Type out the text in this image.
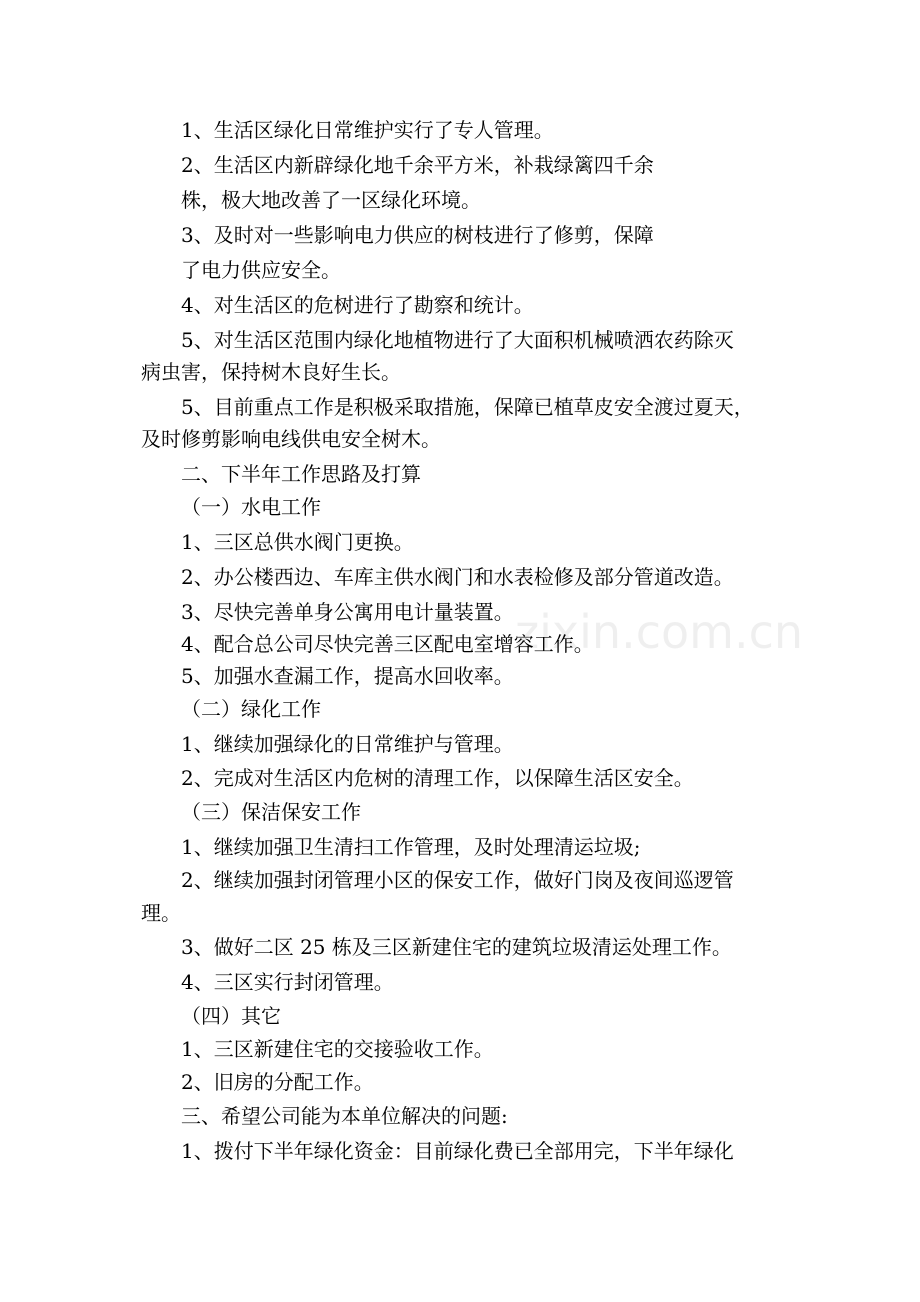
1、生活区绿化日常维护实行了专人管理。
2、生活区内新辟绿化地千余平方米，补栽绿篱四千余
株，极大地改善了一区绿化环境。
3、及时对一些影响电力供应的树枝进行了修剪，保障
了电力供应安全。
4、对生活区的危树进行了勘察和统计。
5、对生活区范围内绿化地植物进行了大面积机械喷洒农药除灭
病虫害，保持树木良好生长。
5、目前重点工作是积极采取措施，保障已植草皮安全渡过夏天，
及时修剪影响电线供电安全树木。
二、下半年工作思路及打算
（一）水电工作
1、三区总供水阀门更换。
2、办公楼西边、车库主供水阀门和水表检修及部分管道改造。
3、尽快完善单身公寓用电计量装置。
4、配合总公司尽快完善三区配电室增容工作。
5、加强水查漏工作，提高水回收率。
（二）绿化工作
1、继续加强绿化的日常维护与管理。
2、完成对生活区内危树的清理工作，以保障生活区安全。
（三）保洁保安工作
1、继续加强卫生清扫工作管理，及时处理清运垃圾;
2、继续加强封闭管理小区的保安工作，做好门岗及夜间巡逻管
理。
3、做好二区 25 栋及三区新建住宅的建筑垃圾清运处理工作。
4、三区实行封闭管理。
（四）其它
1、三区新建住宅的交接验收工作。
2、旧房的分配工作。
三、希望公司能为本单位解决的问题:
1、拨付下半年绿化资金：目前绿化费已全部用完，下半年绿化
zixin.com.cn
